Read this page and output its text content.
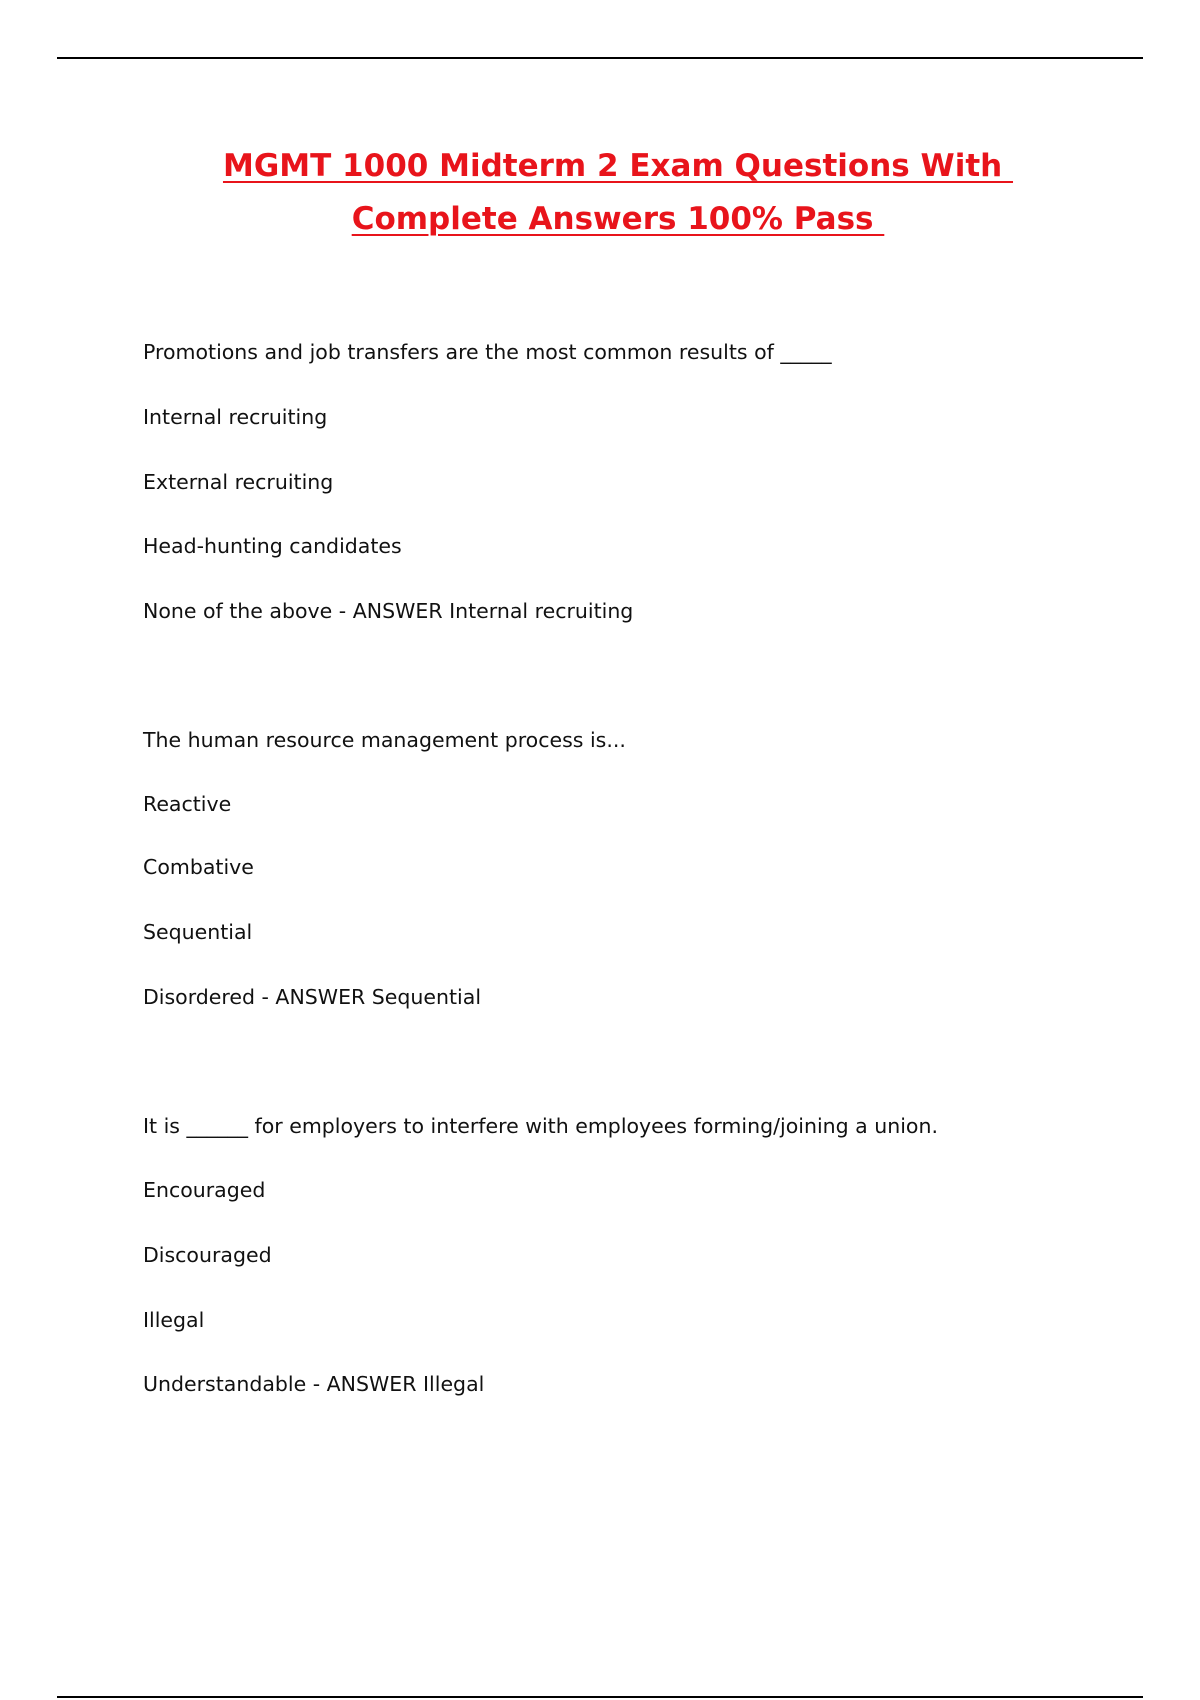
MGMT 1000 Midterm 2 Exam Questions With
Complete Answers 100% Pass

Promotions and job transfers are the most common results of _____

Internal recruiting

External recruiting

Head-hunting candidates

None of the above - ANSWER Internal recruiting

The human resource management process is...

Reactive

Combative

Sequential

Disordered - ANSWER Sequential

It is ______ for employers to interfere with employees forming/joining a union.

Encouraged

Discouraged

Illegal

Understandable - ANSWER Illegal
